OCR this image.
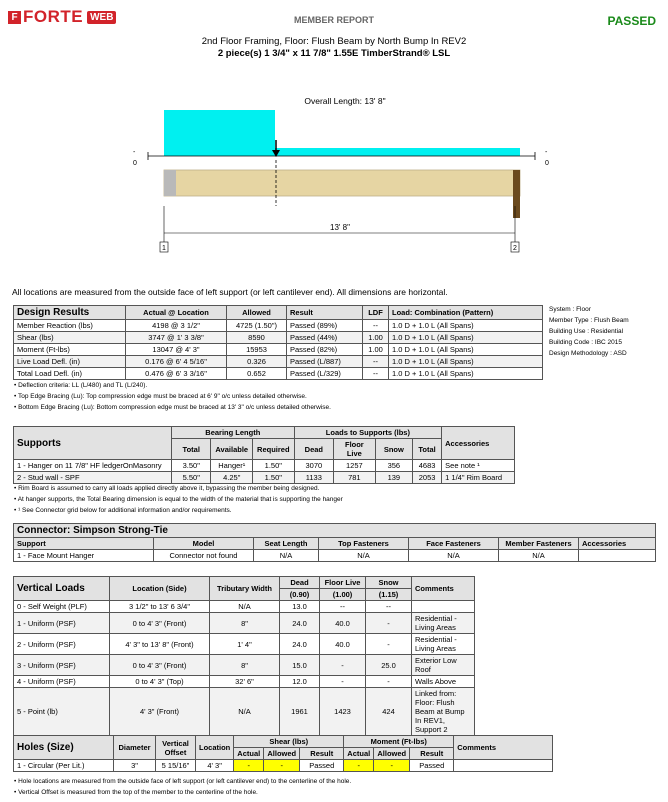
F FORTE WEB	MEMBER REPORT	PASSED
2nd Floor Framing, Floor: Flush Beam by North Bump In REV2
2 piece(s) 1 3/4" x 11 7/8" 1.55E TimberStrand® LSL
Overall Length: 13' 8"
-
0
-
0
13' 8"
1	2
All locations are measured from the outside face of left support (or left cantilever end). All dimensions are horizontal.
Design Results	Actual @ Location	Allowed	Result	LDF	Load: Combination (Pattern)
Member Reaction (lbs)	4198 @ 3 1/2"	4725 (1.50")	Passed (89%)	--	1.0 D + 1.0 L (All Spans)
Shear (lbs)	3747 @ 1' 3 3/8"	8590	Passed (44%)	1.00	1.0 D + 1.0 L (All Spans)
Moment (Ft-lbs)	13047 @ 4' 3"	15953	Passed (82%)	1.00	1.0 D + 1.0 L (All Spans)
Live Load Defl. (in)	0.176 @ 6' 4 5/16"	0.326	Passed (L/887)	--	1.0 D + 1.0 L (All Spans)
Total Load Defl. (in)	0.476 @ 6' 3 3/16"	0.652	Passed (L/329)	--	1.0 D + 1.0 L (All Spans)
• Deflection criteria: LL (L/480) and TL (L/240).
• Top Edge Bracing (Lu): Top compression edge must be braced at 6' 9" o/c unless detailed otherwise.
• Bottom Edge Bracing (Lu): Bottom compression edge must be braced at 13' 3" o/c unless detailed otherwise.
System : Floor
Member Type : Flush Beam
Building Use : Residential
Building Code : IBC 2015
Design Methodology : ASD
Supports	Bearing Length			Loads to Supports (lbs)				Accessories
	Total	Available	Required	Dead	Floor Live	Snow	Total	
1 - Hanger on 11 7/8" HF ledgerOnMasonry	3.50"	Hanger¹	1.50"	3070	1257	356	4683	See note ¹
2 - Stud wall - SPF	5.50"	4.25"	1.50"	1133	781	139	2053	1 1/4" Rim Board
• Rim Board is assumed to carry all loads applied directly above it, bypassing the member being designed.
• At hanger supports, the Total Bearing dimension is equal to the width of the material that is supporting the hanger
• ¹ See Connector grid below for additional information and/or requirements.
Connector: Simpson Strong-Tie						
Support	Model	Seat Length	Top Fasteners	Face Fasteners	Member Fasteners	Accessories
1 - Face Mount Hanger	Connector not found	N/A	N/A	N/A	N/A	
Vertical Loads	Location (Side)	Tributary Width	Dead	Floor Live	Snow	Comments
			(0.90)	(1.00)	(1.15)	
0 - Self Weight (PLF)	3 1/2" to 13' 6 3/4"	N/A	13.0	--	--	
1 - Uniform (PSF)	0 to 4' 3" (Front)	8"	24.0	40.0	-	Residential - Living Areas
2 - Uniform (PSF)	4' 3" to 13' 8" (Front)	1' 4"	24.0	40.0	-	Residential - Living Areas
3 - Uniform (PSF)	0 to 4' 3" (Front)	8"	15.0	-	25.0	Exterior Low Roof
4 - Uniform (PSF)	0 to 4' 3" (Top)	32' 6"	12.0	-	-	Walls Above
5 - Point (lb)	4' 3" (Front)	N/A	1961	1423	424	Linked from: Floor: Flush Beam at Bump In REV1, Support 2
Holes (Size)	Diameter	Vertical Offset	Location	Shear (lbs)			Moment (Ft-lbs)			Comments
				Actual	Allowed	Result	Actual	Allowed	Result	
1 - Circular (Per Lit.)	3"	5 15/16"	4' 3"	-	-	Passed	-	-	Passed	
• Hole locations are measured from the outside face of left support (or left cantilever end) to the centerline of the hole.
• Vertical Offset is measured from the top of the member to the centerline of the hole.
